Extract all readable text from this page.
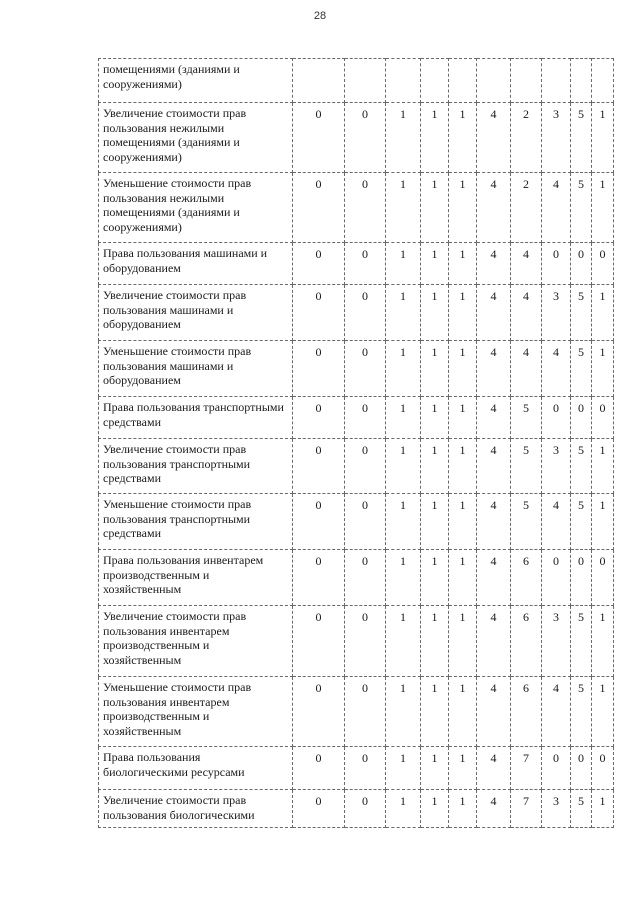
28
помещениями (зданиями и сооружениями)										
Увеличение стоимости прав пользования нежилыми помещениями (зданиями и сооружениями)	0	0	1	1	1	4	2	3	5	1
Уменьшение стоимости прав пользования нежилыми помещениями (зданиями и сооружениями)	0	0	1	1	1	4	2	4	5	1
Права пользования машинами и оборудованием	0	0	1	1	1	4	4	0	0	0
Увеличение стоимости прав пользования машинами и оборудованием	0	0	1	1	1	4	4	3	5	1
Уменьшение стоимости прав пользования машинами и оборудованием	0	0	1	1	1	4	4	4	5	1
Права пользования транспортными средствами	0	0	1	1	1	4	5	0	0	0
Увеличение стоимости прав пользования транспортными средствами	0	0	1	1	1	4	5	3	5	1
Уменьшение стоимости прав пользования транспортными средствами	0	0	1	1	1	4	5	4	5	1
Права пользования инвентарем производственным и хозяйственным	0	0	1	1	1	4	6	0	0	0
Увеличение стоимости прав пользования инвентарем производственным и хозяйственным	0	0	1	1	1	4	6	3	5	1
Уменьшение стоимости прав пользования инвентарем производственным и хозяйственным	0	0	1	1	1	4	6	4	5	1
Права пользования биологическими ресурсами	0	0	1	1	1	4	7	0	0	0
Увеличение стоимости прав пользования биологическими	0	0	1	1	1	4	7	3	5	1
